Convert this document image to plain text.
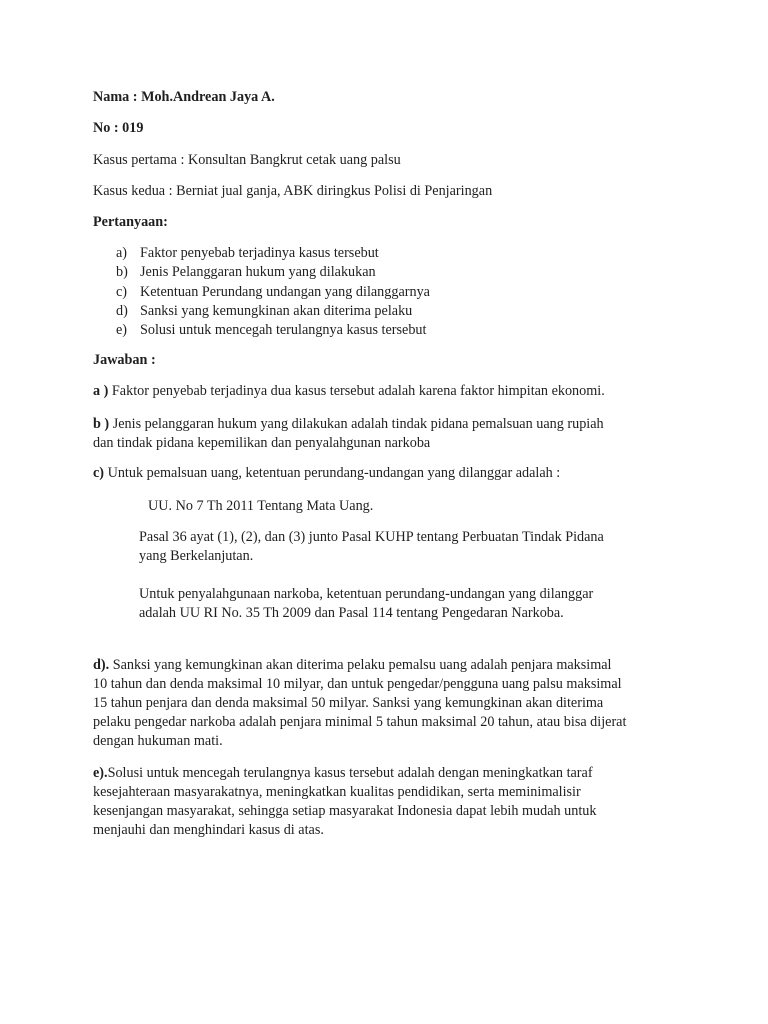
Nama : Moh.Andrean Jaya A.
No : 019
Kasus pertama : Konsultan Bangkrut cetak uang palsu
Kasus kedua : Berniat jual ganja, ABK diringkus Polisi di Penjaringan
Pertanyaan:
a) Faktor penyebab terjadinya kasus tersebut
b) Jenis Pelanggaran hukum yang dilakukan
c) Ketentuan Perundang undangan yang dilanggarnya
d) Sanksi yang kemungkinan akan diterima pelaku
e) Solusi untuk mencegah terulangnya kasus tersebut
Jawaban :
a ) Faktor penyebab terjadinya dua kasus tersebut adalah karena faktor himpitan ekonomi.
b ) Jenis pelanggaran hukum yang dilakukan adalah tindak pidana pemalsuan uang rupiah
dan tindak pidana kepemilikan dan penyalahgunan narkoba
c) Untuk pemalsuan uang, ketentuan perundang-undangan yang dilanggar adalah :
UU. No 7 Th 2011 Tentang Mata Uang.
Pasal 36 ayat (1), (2), dan (3) junto Pasal KUHP tentang Perbuatan Tindak Pidana
yang Berkelanjutan.
Untuk penyalahgunaan narkoba, ketentuan perundang-undangan yang dilanggar
adalah UU RI No. 35 Th 2009 dan Pasal 114 tentang Pengedaran Narkoba.
d). Sanksi yang kemungkinan akan diterima pelaku pemalsu uang adalah penjara maksimal
10 tahun dan denda maksimal 10 milyar, dan untuk pengedar/pengguna uang palsu maksimal
15 tahun penjara dan denda maksimal 50 milyar. Sanksi yang kemungkinan akan diterima
pelaku pengedar narkoba adalah penjara minimal 5 tahun maksimal 20 tahun, atau bisa dijerat
dengan hukuman mati.
e).Solusi untuk mencegah terulangnya kasus tersebut adalah dengan meningkatkan taraf
kesejahteraan masyarakatnya, meningkatkan kualitas pendidikan, serta meminimalisir
kesenjangan masyarakat, sehingga setiap masyarakat Indonesia dapat lebih mudah untuk
menjauhi dan menghindari kasus di atas.
